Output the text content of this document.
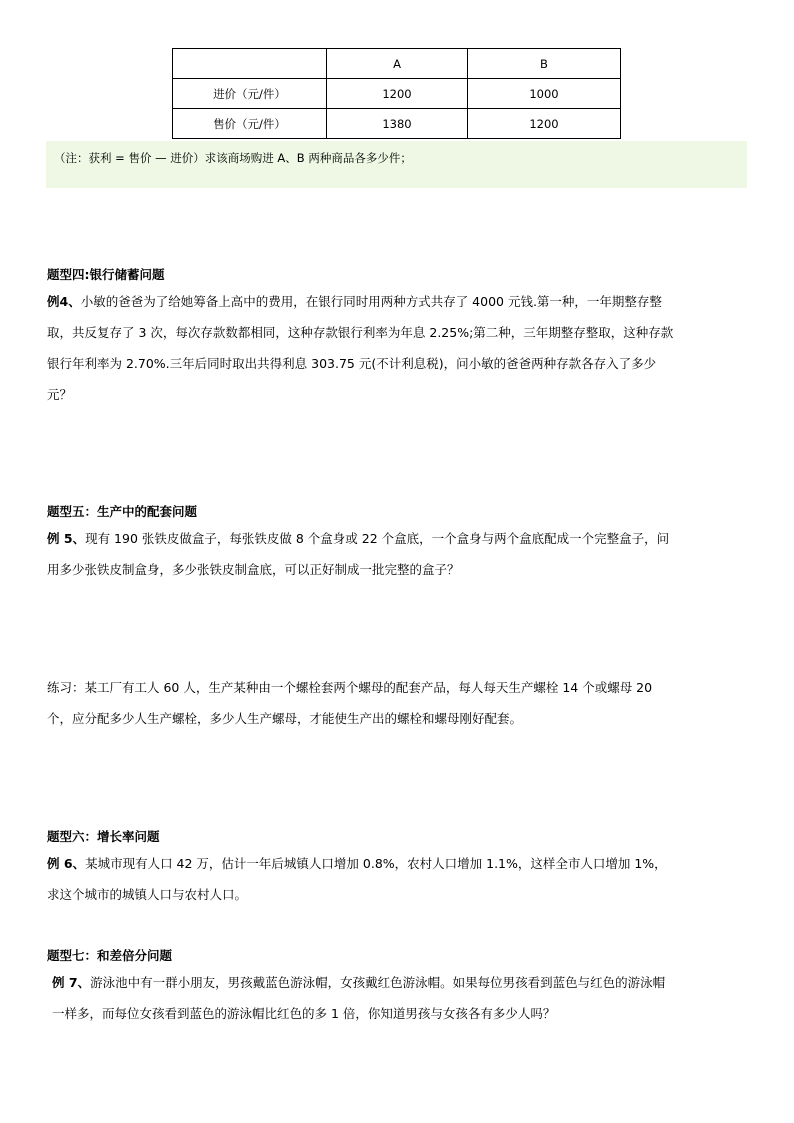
	A	B
进价（元/件）	1200	1000
售价（元/件）	1380	1200
（注：获利 = 售价 — 进价）求该商场购进 A、B 两种商品各多少件；
题型四:银行储蓄问题
例4、小敏的爸爸为了给她筹备上高中的费用，在银行同时用两种方式共存了 4000 元钱.第一种，一年期整存整取，共反复存了 3 次，每次存款数都相同，这种存款银行利率为年息 2.25%;第二种，三年期整存整取，这种存款银行年利率为 2.70%.三年后同时取出共得利息 303.75 元(不计利息税)，问小敏的爸爸两种存款各存入了多少元？
题型五：生产中的配套问题
例 5、现有 190 张铁皮做盒子，每张铁皮做 8 个盒身或 22 个盒底，一个盒身与两个盒底配成一个完整盒子，问用多少张铁皮制盒身，多少张铁皮制盒底，可以正好制成一批完整的盒子？
练习：某工厂有工人 60 人，生产某种由一个螺栓套两个螺母的配套产品，每人每天生产螺栓 14 个或螺母 20 个，应分配多少人生产螺栓，多少人生产螺母，才能使生产出的螺栓和螺母刚好配套。
题型六：增长率问题
例 6、某城市现有人口 42 万，估计一年后城镇人口增加 0.8%，农村人口增加 1.1%，这样全市人口增加 1%，求这个城市的城镇人口与农村人口。
题型七：和差倍分问题
例 7、游泳池中有一群小朋友，男孩戴蓝色游泳帽，女孩戴红色游泳帽。如果每位男孩看到蓝色与红色的游泳帽一样多，而每位女孩看到蓝色的游泳帽比红色的多 1 倍，你知道男孩与女孩各有多少人吗？
